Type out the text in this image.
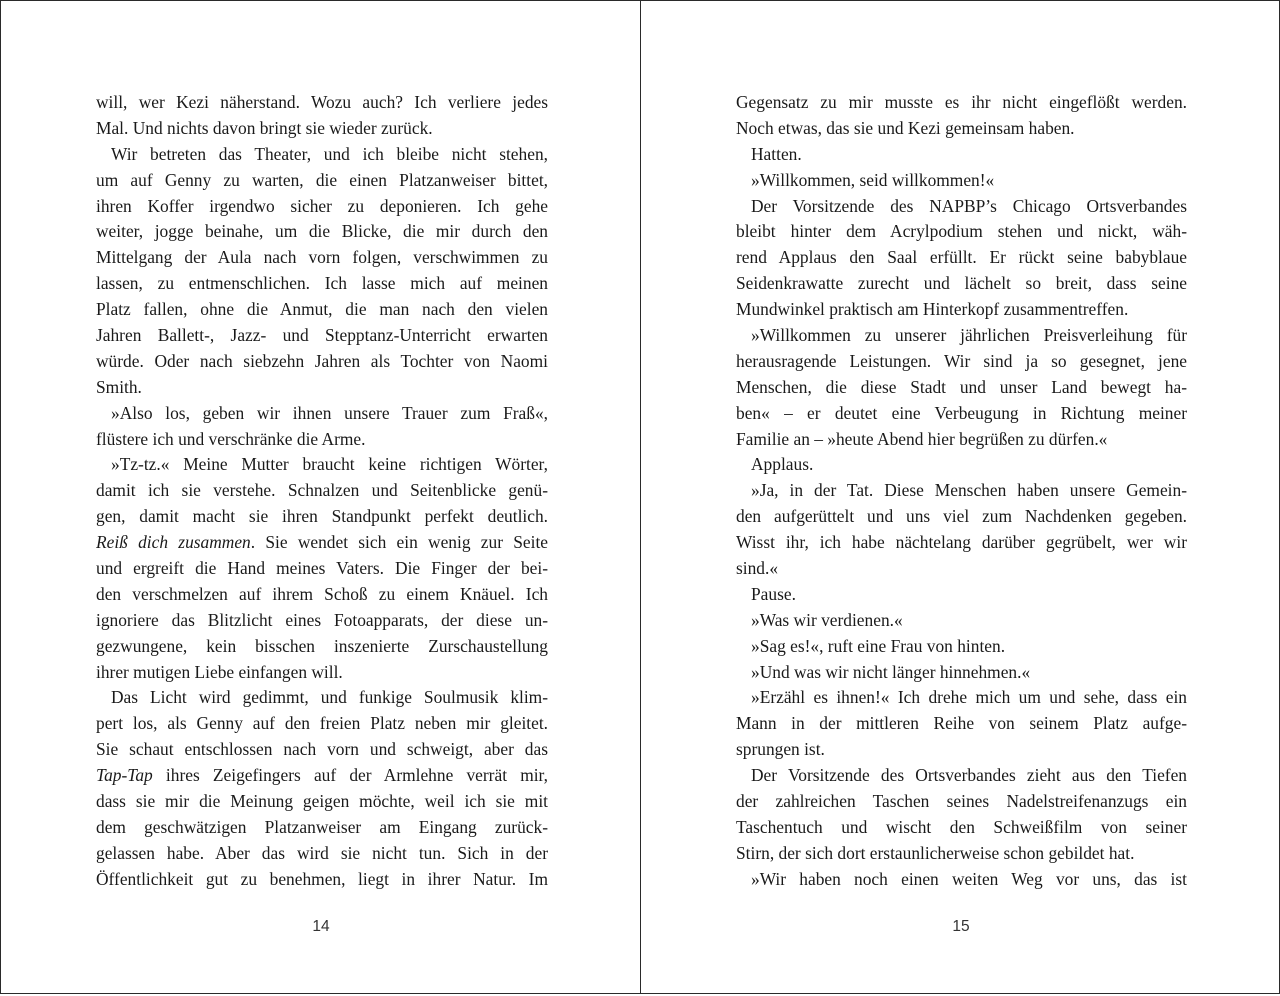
will, wer Kezi näherstand. Wozu auch? Ich verliere jedes
Mal. Und nichts davon bringt sie wieder zurück.
Wir betreten das Theater, und ich bleibe nicht stehen,
um auf Genny zu warten, die einen Platzanweiser bittet,
ihren Koffer irgendwo sicher zu deponieren. Ich gehe
weiter, jogge beinahe, um die Blicke, die mir durch den
Mittelgang der Aula nach vorn folgen, verschwimmen zu
lassen, zu entmenschlichen. Ich lasse mich auf meinen
Platz fallen, ohne die Anmut, die man nach den vielen
Jahren Ballett-, Jazz- und Stepptanz-Unterricht erwarten
würde. Oder nach siebzehn Jahren als Tochter von Naomi
Smith.
»Also los, geben wir ihnen unsere Trauer zum Fraß«,
flüstere ich und verschränke die Arme.
»Tz-tz.« Meine Mutter braucht keine richtigen Wörter,
damit ich sie verstehe. Schnalzen und Seitenblicke genü-
gen, damit macht sie ihren Standpunkt perfekt deutlich.
Reiß dich zusammen. Sie wendet sich ein wenig zur Seite
und ergreift die Hand meines Vaters. Die Finger der bei-
den verschmelzen auf ihrem Schoß zu einem Knäuel. Ich
ignoriere das Blitzlicht eines Fotoapparats, der diese un-
gezwungene, kein bisschen inszenierte Zurschaustellung
ihrer mutigen Liebe einfangen will.
Das Licht wird gedimmt, und funkige Soulmusik klim-
pert los, als Genny auf den freien Platz neben mir gleitet.
Sie schaut entschlossen nach vorn und schweigt, aber das
Tap-Tap ihres Zeigefingers auf der Armlehne verrät mir,
dass sie mir die Meinung geigen möchte, weil ich sie mit
dem geschwätzigen Platzanweiser am Eingang zurück-
gelassen habe. Aber das wird sie nicht tun. Sich in der
Öffentlichkeit gut zu benehmen, liegt in ihrer Natur. Im
14
Gegensatz zu mir musste es ihr nicht eingeflößt werden.
Noch etwas, das sie und Kezi gemeinsam haben.
Hatten.
»Willkommen, seid willkommen!«
Der Vorsitzende des NAPBP’s Chicago Ortsverbandes
bleibt hinter dem Acrylpodium stehen und nickt, wäh-
rend Applaus den Saal erfüllt. Er rückt seine babyblaue
Seidenkrawatte zurecht und lächelt so breit, dass seine
Mundwinkel praktisch am Hinterkopf zusammentreffen.
»Willkommen zu unserer jährlichen Preisverleihung für
herausragende Leistungen. Wir sind ja so gesegnet, jene
Menschen, die diese Stadt und unser Land bewegt ha-
ben« – er deutet eine Verbeugung in Richtung meiner
Familie an – »heute Abend hier begrüßen zu dürfen.«
Applaus.
»Ja, in der Tat. Diese Menschen haben unsere Gemein-
den aufgerüttelt und uns viel zum Nachdenken gegeben.
Wisst ihr, ich habe nächtelang darüber gegrübelt, wer wir
sind.«
Pause.
»Was wir verdienen.«
»Sag es!«, ruft eine Frau von hinten.
»Und was wir nicht länger hinnehmen.«
»Erzähl es ihnen!« Ich drehe mich um und sehe, dass ein
Mann in der mittleren Reihe von seinem Platz aufge-
sprungen ist.
Der Vorsitzende des Ortsverbandes zieht aus den Tiefen
der zahlreichen Taschen seines Nadelstreifenanzugs ein
Taschentuch und wischt den Schweißfilm von seiner
Stirn, der sich dort erstaunlicherweise schon gebildet hat.
»Wir haben noch einen weiten Weg vor uns, das ist
15
